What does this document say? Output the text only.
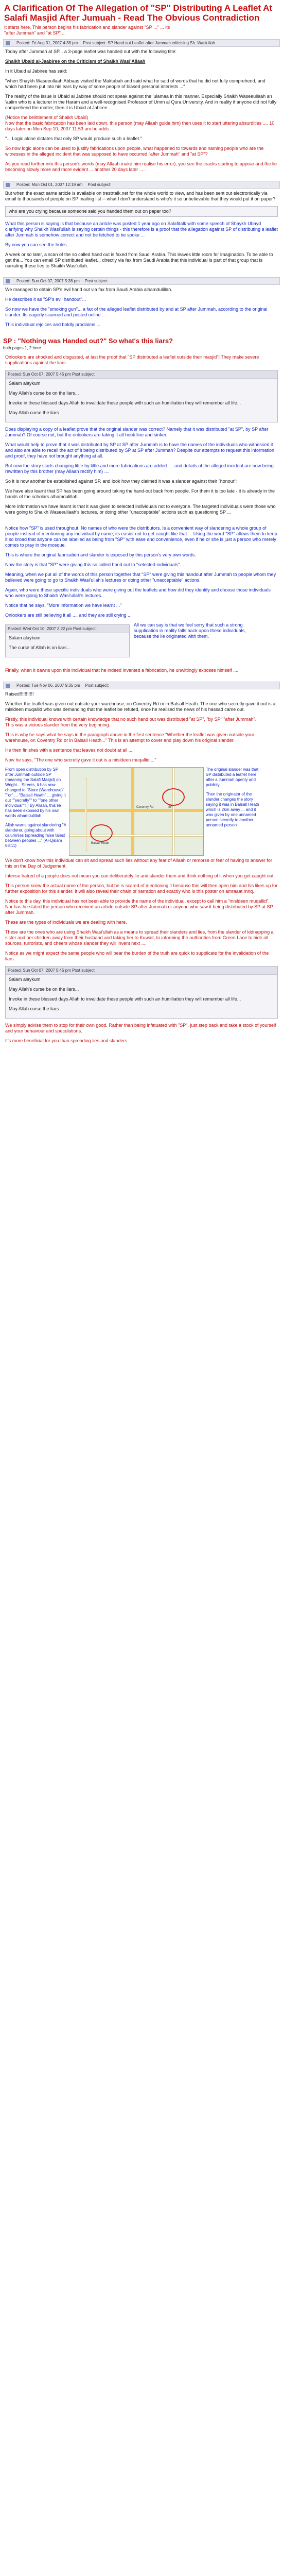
A Clarification Of The Allegation of "SP" Distributing A Leaflet At Salafi Masjid After Jumuah - Read The Obvious Contradiction
It starts here. This person begins his fabrication and slander against "SP ..." ... its "after Jummah" and "at SP" ...
Posted: Fri Aug 31, 2007 4:38 pm Post subject: SP Hand out Leaflet after Jummah criticising Sh. Wasiullah

Today after Jummah at SP... a 3-page leaflet was handed out with the following title:

Shaikh Ubaid al-Jaabiree on the Criticism of Shaikh Wasi'Allaah

In it Ubaid al Jabiree has said:

"when Shaykh Waseeullaah Abbaas visited the Maktabah and said what he said of words that he did not fully comprehend, and which had been put into his ears by way of some people of biased personal interests ..."

The reality of the issue is Ubaid al Jabiree should not speak against the 'ulamaa in this manner. Especially Shaikh Waseeullaah an 'aalim who is a lecturer in the Haram and a well-recognised Professor of Umm al Qura University. And in reality if anyone did not fully comprehend the matter, then it is Ubaid al Jabiree...

(Notice the belittlement of Shaikh Ubaid)
Now that the basic fabrication has been laid down, this person (may Allaah guide him) then uses it to start uttering absurdities .... 10 days later on Mon Sep 10, 2007 11:53 am he adds ...

"... Logic alone dictates that only SP would produce such a leaflet."

So now logic alone can be used to justify fabrications upon people, what happened to towards and naming people who are the witnesses in the alleged incident that was supposed to have occurred "after Jummah" and "at SP"?

As you read further into this person's words (may Allaah make him realise his error), you see the cracks starting to appear and the lie becoming slowly more and more evident ... another 20 days later .....

Posted: Mon Oct 01, 2007 12:19 am Post subject:

But when the exact same article is available on trestrtalk.net for the whole world to view, and has been sent out electronically via email to thousands of people on SP mailing list -- what I don't understand is who's it so unbelievable that they would put it on paper?

who are you crying because someone said you handed them out on paper too?

What this person is saying is that because an article was posted 1 year ago on Salafitalk with some speech of Shaykh Ubayd clarifying why Shaikh Wasi'ullah is saying certain things - this therefore is a proof that the allegation against SP of distributing a leaflet after Jummah is somehow correct and not be fetched to be spoke ...

By now you can see the holes ...

A week or so later, a scan of the so called hand out is faxed from Saudi Arabia. This leaves little room for imagination. To be able to get the... You can email SP distributed leaflet... directly via fax from Saudi Arabia that this individual is part of that group that is narrating these lies to Shaikh Wasi'ullah.

Posted: Sun Oct 07, 2007 5:38 pm Post subject:

We managed to obtain SP's evil hand out via fax from Saudi Arabia alhamdulillah.

He describes it as "SP's evil handout"...

So now we have the "smoking gun"... a fax of the alleged leaflet distributed by and at SP after Jummah, according to the original slander. Its eagerly scanned and posted online ...

This individual rejoices and boldly proclaims ...

SP : "Nothing was Handed out?" So what's this liars?
both pages 1, 2 here

Onlookers are shocked and disgusted, at last the proof that "SP distributed a leaflet outside their masjid"! They make severe supplications against the liars.

Posted: Sun Oct 07, 2007 5:45 pm Post subject:

Salam alaykum

May Allah's curse be on the liars...

Invoke in these blessed days Allah to invalidate these people with such an humiliation they will remember all life...

May Allah curse the liars

Does displaying a copy of a leaflet prove that the original slander was correct? Namely that it was distributed "at SP", by SP after Jummah? Of course not, but the onlookers are taking it all hook line and sinker.

What would help to prove that it was distributed by SP at SP after Jummah is to have the names of the individuals who witnessed it and also are able to recall the act of it being distributed by SP at SP after Jummah? Despite our attempts to request this information and proof, they have not brought anything at all.

But now the story starts changing little by little and more fabrications are added .... and details of the alleged incident are now being rewritten by this brother (may Allaah rectify him) ....

So it is now another be established against SP, and look how they claimed it was a slander against their "honour":

We have also learnt that SP has been going around taking the hand-out back from people. For them it is too late - it is already in the hands of the scholars alhamdulillah.

More information we have learnt is that it was given to selected individuals not to everyone. The targeted individuals were those who were going to Shaikh Waseeullaah's lectures, or doing other "unacceptable" actions such as questioning SP ...

Notice how "SP" is used throughout. No names of who were the distributors. Is a convenient way of slandering a whole group of people instead of mentioning any individual by name; its easier not to get caught like that ... Using the word "SP" allows them to keep it so broad that anyone can be labelled as being from "SP" with ease and convenience, even if he or she is just a person who merely comes to pray in the mosque.

This is where the original fabrication and slander is exposed by this person's very own words.

Now the story is that "SP" were giving this so called hand out to "selected individuals".

Meaning, when we put all of the words of this person together that "SP" were giving this handout after Jummah to people whom they believed were going to go to Shaikh Wasi'ullah's lectures or doing other "unacceptable" actions.

Again, who were these specific individuals who were giving out the leaflets and how did they identify and choose those individuals who were going to Shaikh Wasi'ullah's lectures.

Notice that he says, "More information we have learnt ..."

Onlookers are still believing it all .... and they are still crying ...

Posted: Wed Oct 10, 2007 2:22 pm Post subject:

Salam alaykum

The curse of Allah is on liars...

All we can say is that we feel sorry that such a strong supplication in reality falls back upon these individuals, because the lie originated with them.

Finally, when it dawns upon this individual that he indeed invented a fabrication, he unwittingly exposes himself ....

Posted: Tue Nov 06, 2007 9:35 pm Post subject:

Raised!!!!!!!!!!!

Whether the leaflet was given out outside your warehouse, on Coventry Rd or in Balsall Heath. The one who secretly gave it out is a misldeen muqallid who was demanding that the leaflet be refuted, once he realised the news of his hassad came out.

Firstly, this individual knows with certain knowledge that no such hand out was distributed "at SP", "by SP" "after Jummah".
This was a vicious slander from the very beginning.

This is why he says what he says in the paragraph above in the first sentence "Whether the leaflet was given outside your warehouse, on Coventry Rd or in Balsall Heath..." This is an attempt to cover and play down his original slander.

He then finishes with a sentence that leaves not doubt at all ....

Now he says, "The one who secretly gave it out is a misldeen muqallid...."

From open distribution by SP after Jummah outside SP (meaning the Salafi Masjid) on Wright... Streets, it has now changed to "Store (Warehouse)" ""or" ... "Balsall Heath" ... giving it out ""secretly"" to ""one other individual""!!! By Allaah, this lie has been exposed by his own words alhamdulillah.

Allah warns against slandering "A slanderer, going about with calumnies (spreading false tales) between peoples ..." (Al-Qalam 68:11)	Balsall Heath
Coventry Rd	SP

The original slander was that SP distributed a leaflet here after a Jummah openly and publicly

Then the originator of the slander changes the story saying it was in Balsall Heath which is 2km away ... and it was given by one unnamed person secretly to another unnamed person

We don't know how this individual can sit and spread such lies without any fear of Allaah or remorse or fear of having to answer for this on the Day of Judgement.

Intense hatred of a people does not mean you can deliberately lie and slander them and think nothing of it when you get caught out.

This person knew the actual name of the person, but he is scared of mentioning it because this will then open him and his likes up for further exposition for this slander. It will also reveal their chain of narration and exactly who is this poster on amraaat.mnq.

Notice to this day, this individual has not been able to provide the name of the individual, except to call him a "misldeen muqallid". Nor has he stated the person who received an article outside SP after Jummah or anyone who saw it being distributed by SP at SP after Jummah.

These are the types of individuals we are dealing with here.

These are the ones who are using Shaikh Wasi'ullah as a means to spread their slanders and lies, from the slander of kidnapping a sister and her children away from their husband and taking her to Kuwait, to informing the authorities from Green Lane to hide all sources, turrorists, and cheers whose slander they will invent next ....

Notice as we might expect the same people who will bear the burden of the truth are quick to supplicate for the invalidation of the liars.

Posted: Sun Oct 07, 2007 5:45 pm Post subject:

Salam alaykum

May Allah's curse be on the liars...

Invoke in these blessed days Allah to invalidate these people with such an humiliation they will remember all life...

May Allah curse the liars

We simply advise them to stop for their own good. Rather than being infatuated with "SP", just step back and take a stock of yourself and your behaviour and speculations.

It's more beneficial for you than spreading lies and slanders.
